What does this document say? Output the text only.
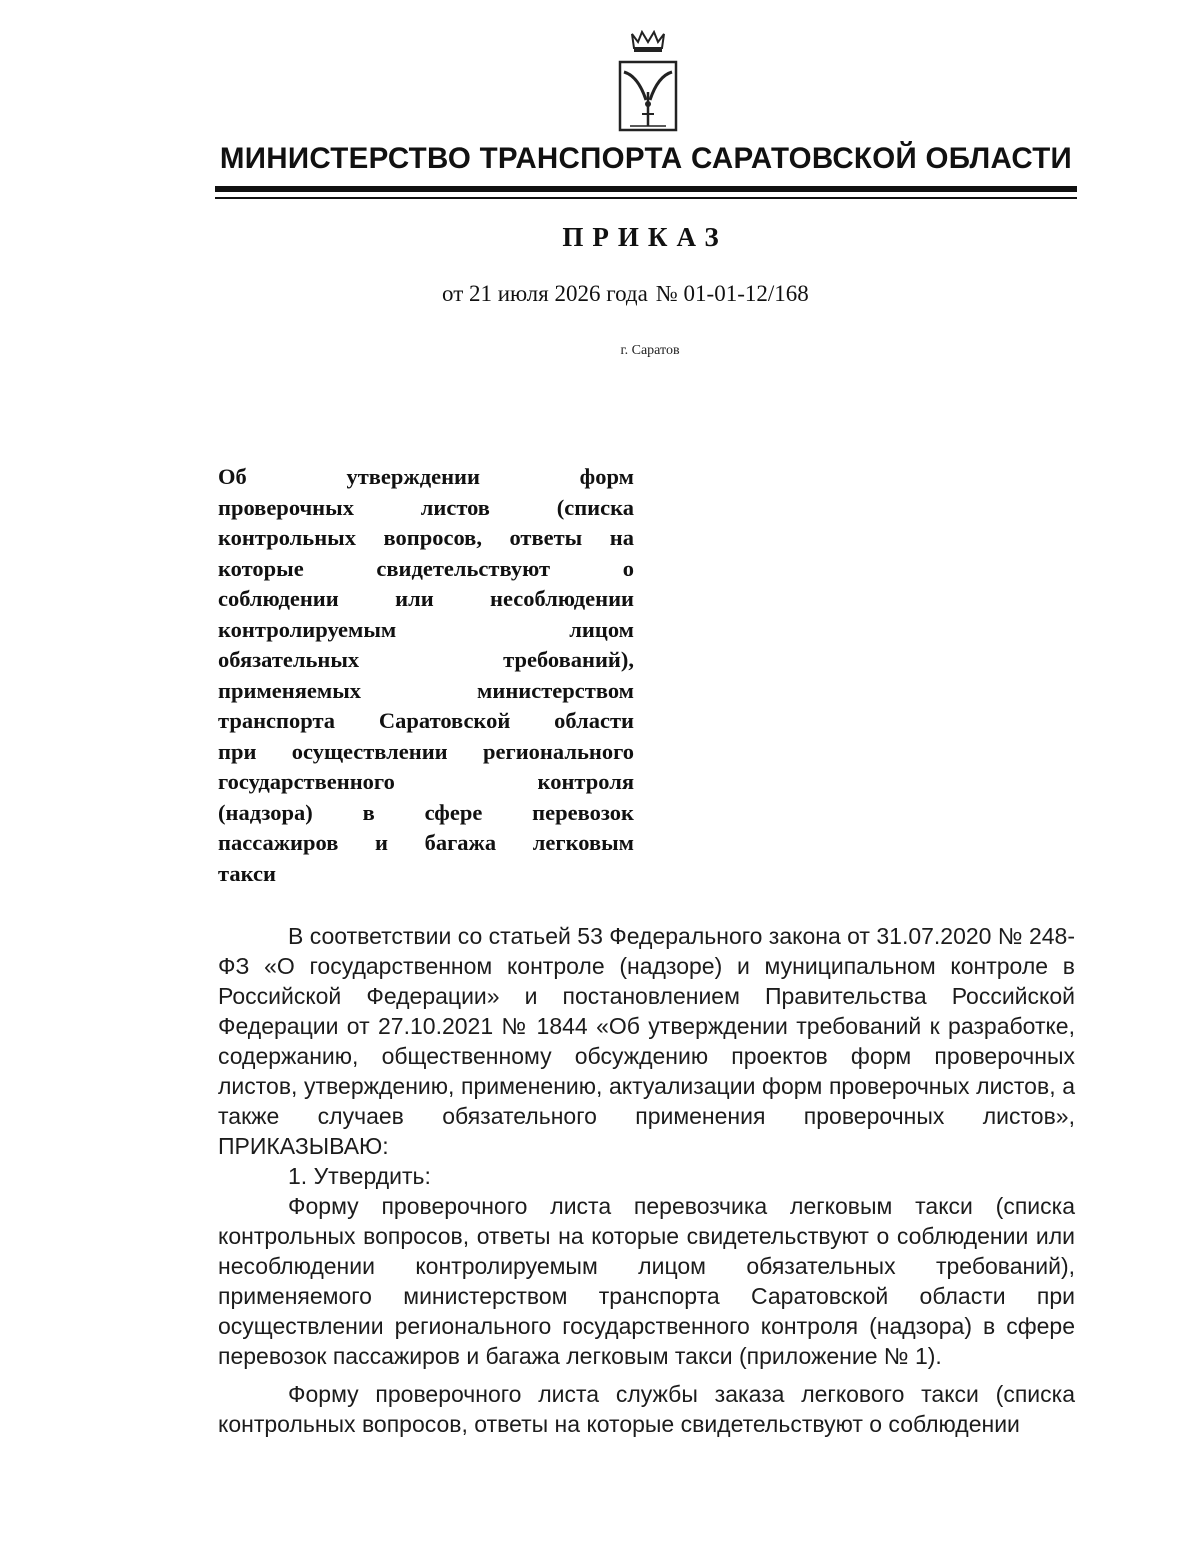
МИНИСТЕРСТВО ТРАНСПОРТА САРАТОВСКОЙ ОБЛАСТИ
ПРИКАЗ
от 21 июля 2026 года № 01-01-12/168
г. Саратов
Об утверждении форм
проверочных листов (списка
контрольных вопросов, ответы на
которые свидетельствуют о
соблюдении или несоблюдении
контролируемым лицом
обязательных требований),
применяемых министерством
транспорта Саратовской области
при осуществлении регионального
государственного контроля
(надзора) в сфере перевозок
пассажиров и багажа легковым
такси

В соответствии со статьей 53 Федерального закона от 31.07.2020 № 248-ФЗ «О государственном контроле (надзоре) и муниципальном контроле в Российской Федерации» и постановлением Правительства Российской Федерации от 27.10.2021 № 1844 «Об утверждении требований к разработке, содержанию, общественному обсуждению проектов форм проверочных листов, утверждению, применению, актуализации форм проверочных листов, а также случаев обязательного применения проверочных листов», ПРИКАЗЫВАЮ:

1. Утвердить:

Форму проверочного листа перевозчика легковым такси (списка контрольных вопросов, ответы на которые свидетельствуют о соблюдении или несоблюдении контролируемым лицом обязательных требований), применяемого министерством транспорта Саратовской области при осуществлении регионального государственного контроля (надзора) в сфере перевозок пассажиров и багажа легковым такси (приложение № 1).

Форму проверочного листа службы заказа легкового такси (списка контрольных вопросов, ответы на которые свидетельствуют о соблюдении
